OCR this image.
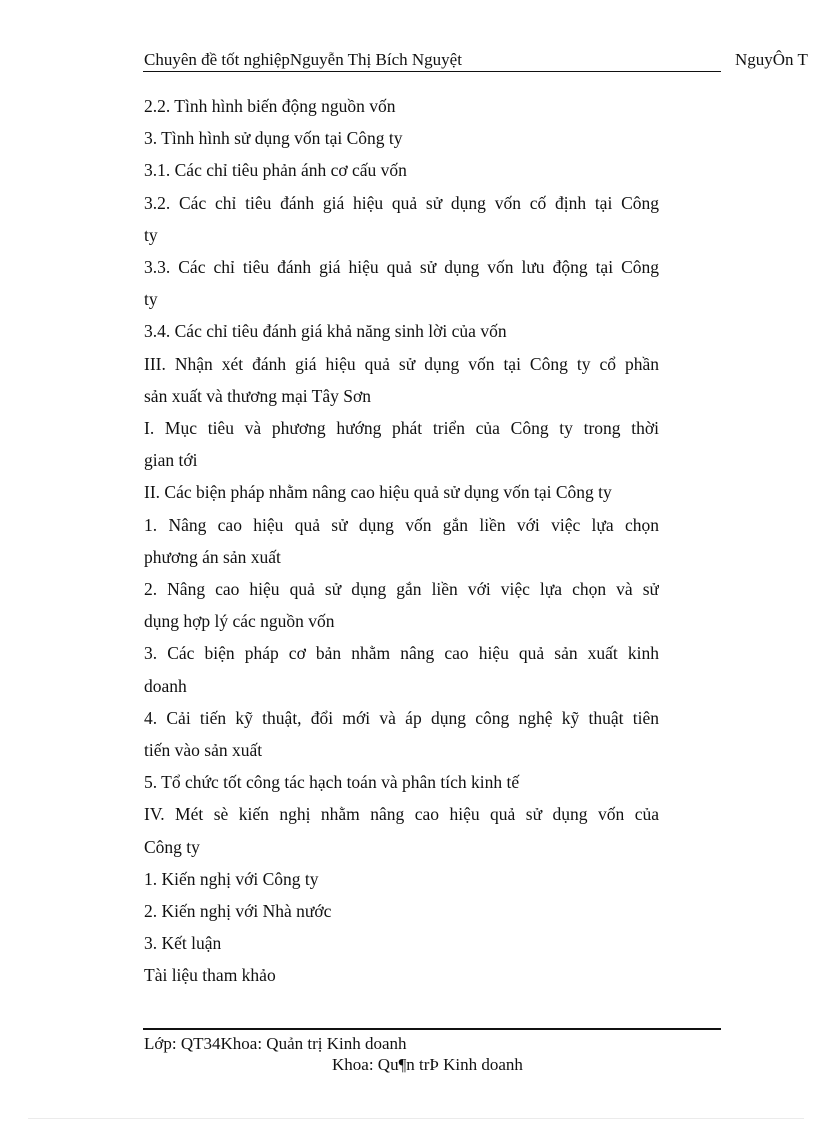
Chuyên đề tốt nghiệpNguyễn Thị Bích Nguyệt	NguyÔn T
2.2. Tình hình biến động nguồn vốn
3. Tình hình sử dụng vốn tại Công ty
3.1. Các chỉ tiêu phản ánh cơ cấu vốn
3.2. Các chỉ tiêu đánh giá hiệu quả sử dụng vốn cố định tại Công
ty
3.3. Các chỉ tiêu đánh giá hiệu quả sử dụng vốn lưu động tại Công
ty
3.4. Các chỉ tiêu đánh giá khả năng sinh lời của vốn
III. Nhận xét đánh giá hiệu quả sử dụng vốn tại Công ty cổ phần
sản xuất và thương mại Tây Sơn
I. Mục tiêu và phương hướng phát triển của Công ty trong thời
gian tới
II. Các biện pháp nhằm nâng cao hiệu quả sử dụng vốn tại Công ty
1. Nâng cao hiệu quả sử dụng vốn gắn liền với việc lựa chọn
phương án sản xuất
2. Nâng cao hiệu quả sử dụng gắn liền với việc lựa chọn và sử
dụng hợp lý các nguồn vốn
3. Các biện pháp cơ bản nhằm nâng cao hiệu quả sản xuất kinh
doanh
4. Cải tiến kỹ thuật, đổi mới và áp dụng công nghệ kỹ thuật tiên
tiến vào sản xuất
5. Tổ chức tốt công tác hạch toán và phân tích kinh tế
IV. Mét sè kiến nghị nhằm nâng cao hiệu quả sử dụng vốn của
Công ty
1. Kiến nghị với Công ty
2. Kiến nghị với Nhà nước
3. Kết luận
Tài liệu tham khảo
Lớp: QT34Khoa: Quản trị Kinh doanh
Khoa: Qu¶n trÞ Kinh doanh
